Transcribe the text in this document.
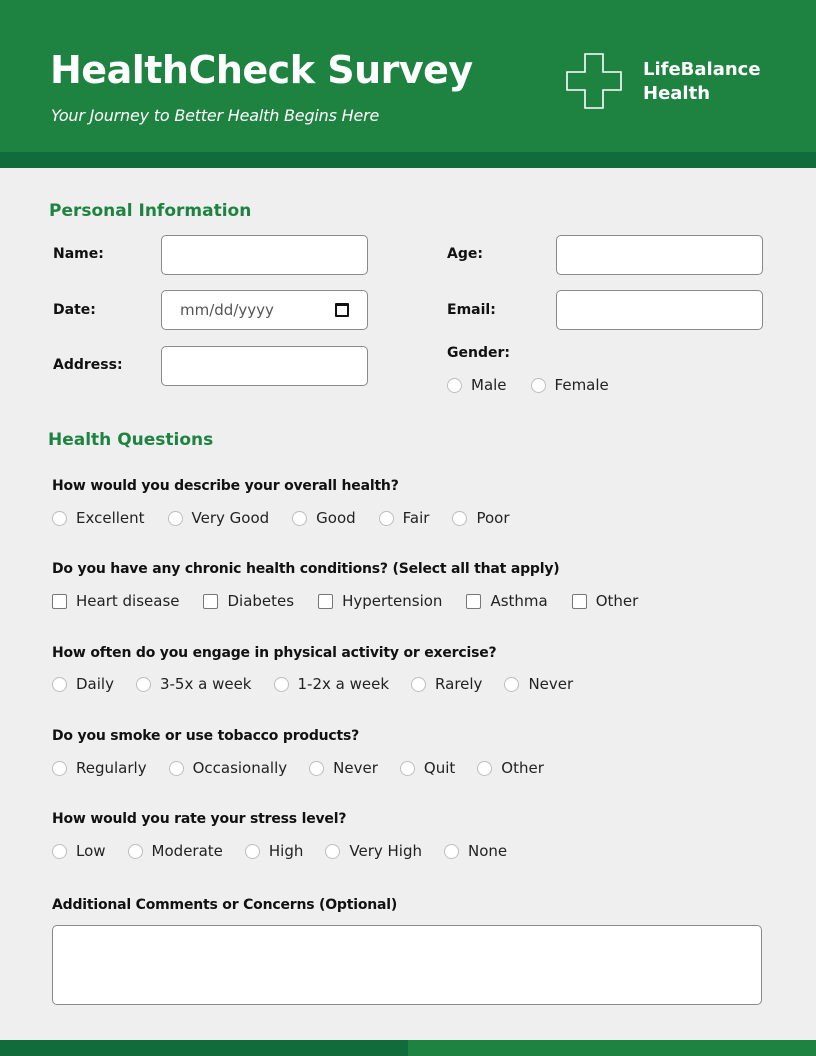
HealthCheck Survey
Your Journey to Better Health Begins Here
LifeBalance
Health
Personal Information
Name:
Date:	mm/dd/yyyy
Address:
Age:
Email:
Gender:
Male	Female
Health Questions
How would you describe your overall health?
Excellent	Very Good	Good	Fair	Poor
Do you have any chronic health conditions? (Select all that apply)
Heart disease	Diabetes	Hypertension	Asthma	Other
How often do you engage in physical activity or exercise?
Daily	3-5x a week	1-2x a week	Rarely	Never
Do you smoke or use tobacco products?
Regularly	Occasionally	Never	Quit	Other
How would you rate your stress level?
Low	Moderate	High	Very High	None
Additional Comments or Concerns (Optional)
